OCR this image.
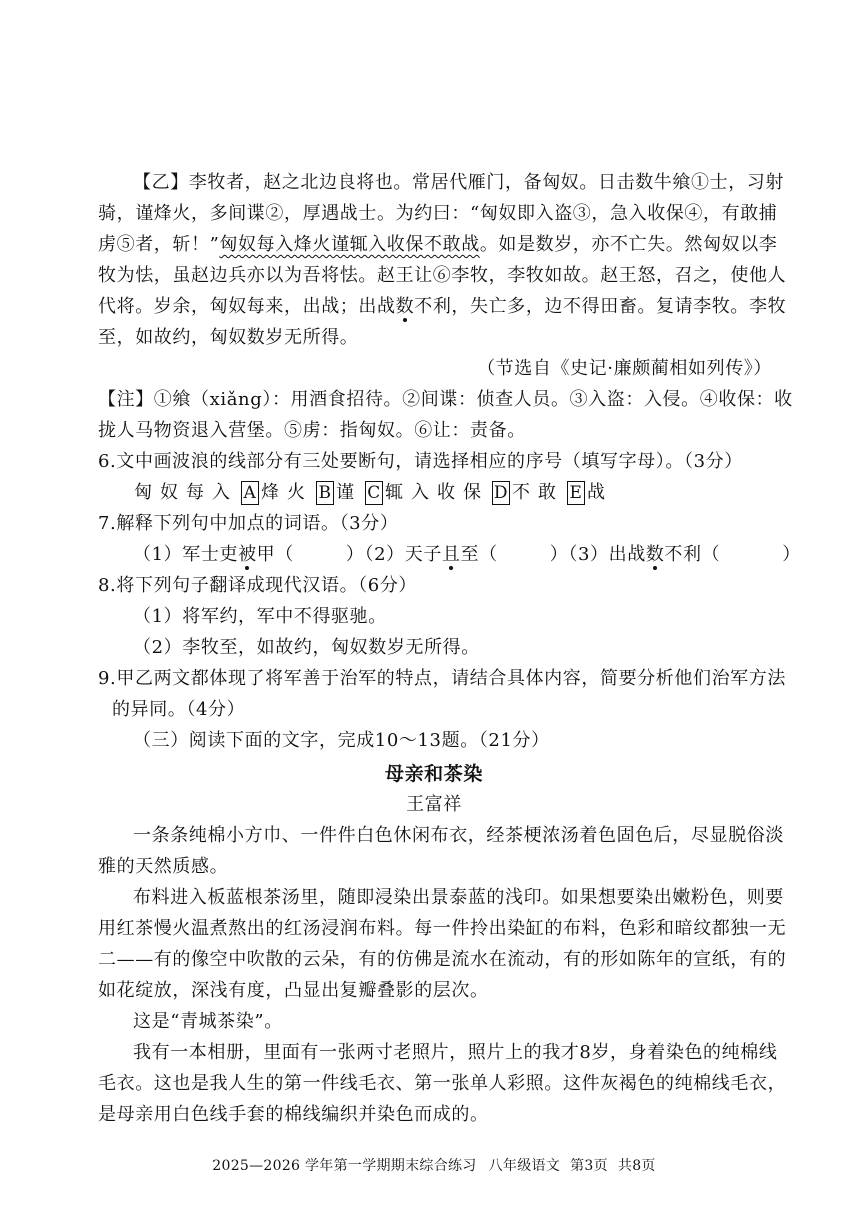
【乙】李牧者，赵之北边良将也。常居代雁门，备匈奴。日击数牛飨①士，习射

骑，谨烽火，多间谍②，厚遇战士。为约曰：“匈奴即入盗③，急入收保④，有敢捕

虏⑤者，斩！”匈奴每入烽火谨辄入收保不敢战。如是数岁，亦不亡失。然匈奴以李

牧为怯，虽赵边兵亦以为吾将怯。赵王让⑥李牧，李牧如故。赵王怒，召之，使他人

代将。岁余，匈奴每来，出战；出战数不利，失亡多，边不得田畜。复请李牧。李牧

至，如故约，匈奴数岁无所得。

（节选自《史记·廉颇蔺相如列传》）

【注】①飨（xiǎng）：用酒食招待。②间谍：侦查人员。③入盗：入侵。④收保：收

拢人马物资退入营堡。⑤虏：指匈奴。⑥让：责备。

6.文中画波浪的线部分有三处要断句，请选择相应的序号（填写字母）。（3分）

匈奴每入 A 烽火 B 谨 C 辄入收保 D 不敢 E 战

7.解释下列句中加点的词语。（3分）

（1）军士吏被甲（	）（2）天子且至（	）（3）出战数不利（	）

8.将下列句子翻译成现代汉语。（6分）

（1）将军约，军中不得驱驰。

（2）李牧至，如故约，匈奴数岁无所得。

9.甲乙两文都体现了将军善于治军的特点，请结合具体内容，简要分析他们治军方法

的异同。（4分）

（三）阅读下面的文字，完成10～13题。（21分）

母亲和茶染

王富祥

一条条纯棉小方巾、一件件白色休闲布衣，经茶梗浓汤着色固色后，尽显脱俗淡

雅的天然质感。

布料进入板蓝根茶汤里，随即浸染出景泰蓝的浅印。如果想要染出嫩粉色，则要

用红茶慢火温煮熬出的红汤浸润布料。每一件拎出染缸的布料，色彩和暗纹都独一无

二——有的像空中吹散的云朵，有的仿佛是流水在流动，有的形如陈年的宣纸，有的

如花绽放，深浅有度，凸显出复瓣叠影的层次。

这是“青城茶染”。

我有一本相册，里面有一张两寸老照片，照片上的我才8岁，身着染色的纯棉线

毛衣。这也是我人生的第一件线毛衣、第一张单人彩照。这件灰褐色的纯棉线毛衣，

是母亲用白色线手套的棉线编织并染色而成的。

2025—2026 学年第一学期期末综合练习 八年级语文 第3页 共8页
